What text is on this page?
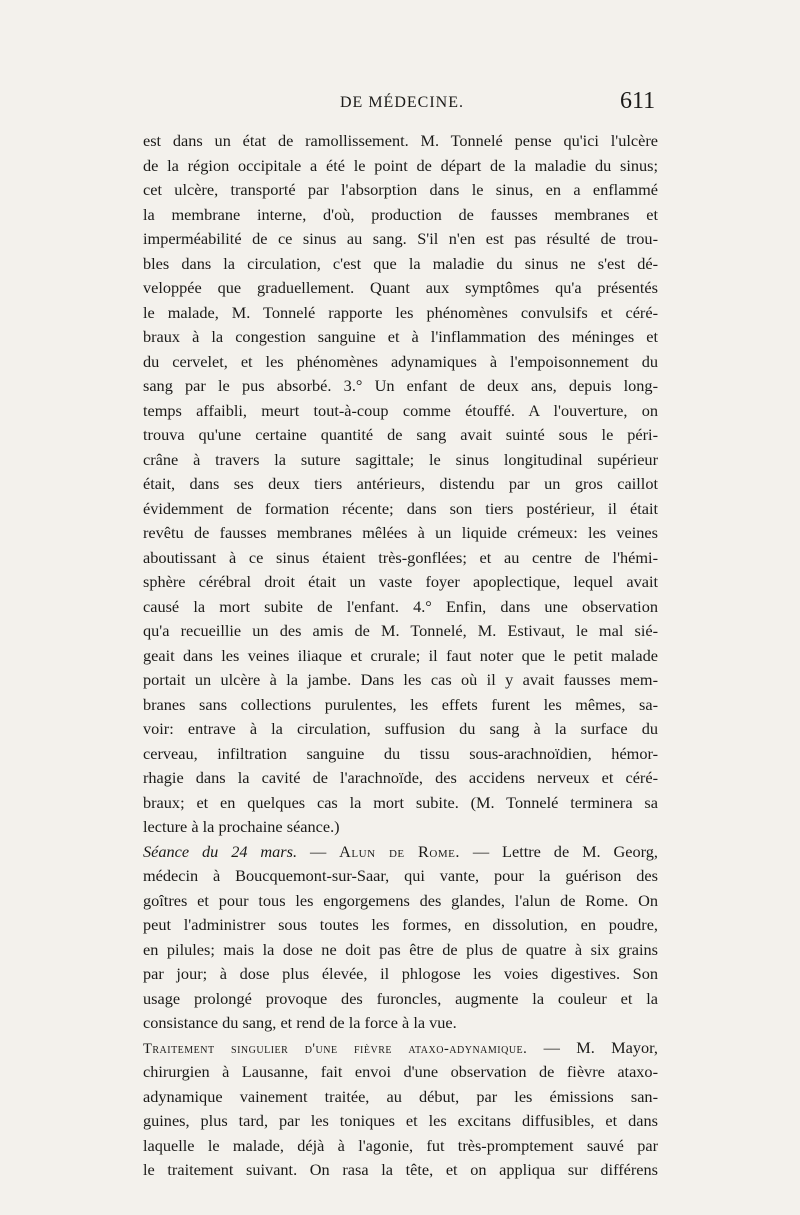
DE MÉDECINE.	611
est dans un état de ramollissement. M. Tonnelé pense qu'ici l'ulcère
de la région occipitale a été le point de départ de la maladie du sinus;
cet ulcère, transporté par l'absorption dans le sinus, en a enflammé
la membrane interne, d'où, production de fausses membranes et
imperméabilité de ce sinus au sang. S'il n'en est pas résulté de trou-
bles dans la circulation, c'est que la maladie du sinus ne s'est dé-
veloppée que graduellement. Quant aux symptômes qu'a présentés
le malade, M. Tonnelé rapporte les phénomènes convulsifs et céré-
braux à la congestion sanguine et à l'inflammation des méninges et
du cervelet, et les phénomènes adynamiques à l'empoisonnement du
sang par le pus absorbé. 3.° Un enfant de deux ans, depuis long-
temps affaibli, meurt tout-à-coup comme étouffé. A l'ouverture, on
trouva qu'une certaine quantité de sang avait suinté sous le péri-
crâne à travers la suture sagittale; le sinus longitudinal supérieur
était, dans ses deux tiers antérieurs, distendu par un gros caillot
évidemment de formation récente; dans son tiers postérieur, il était
revêtu de fausses membranes mêlées à un liquide crémeux: les veines
aboutissant à ce sinus étaient très-gonflées; et au centre de l'hémi-
sphère cérébral droit était un vaste foyer apoplectique, lequel avait
causé la mort subite de l'enfant. 4.° Enfin, dans une observation
qu'a recueillie un des amis de M. Tonnelé, M. Estivaut, le mal sié-
geait dans les veines iliaque et crurale; il faut noter que le petit malade
portait un ulcère à la jambe. Dans les cas où il y avait fausses mem-
branes sans collections purulentes, les effets furent les mêmes, sa-
voir: entrave à la circulation, suffusion du sang à la surface du
cerveau, infiltration sanguine du tissu sous-arachnoïdien, hémor-
rhagie dans la cavité de l'arachnoïde, des accidens nerveux et céré-
braux; et en quelques cas la mort subite. (M. Tonnelé terminera sa
lecture à la prochaine séance.)
Séance du 24 mars. — Alun de Rome. — Lettre de M. Georg,
médecin à Boucquemont-sur-Saar, qui vante, pour la guérison des
goîtres et pour tous les engorgemens des glandes, l'alun de Rome. On
peut l'administrer sous toutes les formes, en dissolution, en poudre,
en pilules; mais la dose ne doit pas être de plus de quatre à six grains
par jour; à dose plus élevée, il phlogose les voies digestives. Son
usage prolongé provoque des furoncles, augmente la couleur et la
consistance du sang, et rend de la force à la vue.
Traitement singulier d'une fièvre ataxo-adynamique. — M. Mayor,
chirurgien à Lausanne, fait envoi d'une observation de fièvre ataxo-
adynamique vainement traitée, au début, par les émissions san-
guines, plus tard, par les toniques et les excitans diffusibles, et dans
laquelle le malade, déjà à l'agonie, fut très-promptement sauvé par
le traitement suivant. On rasa la tête, et on appliqua sur différens
